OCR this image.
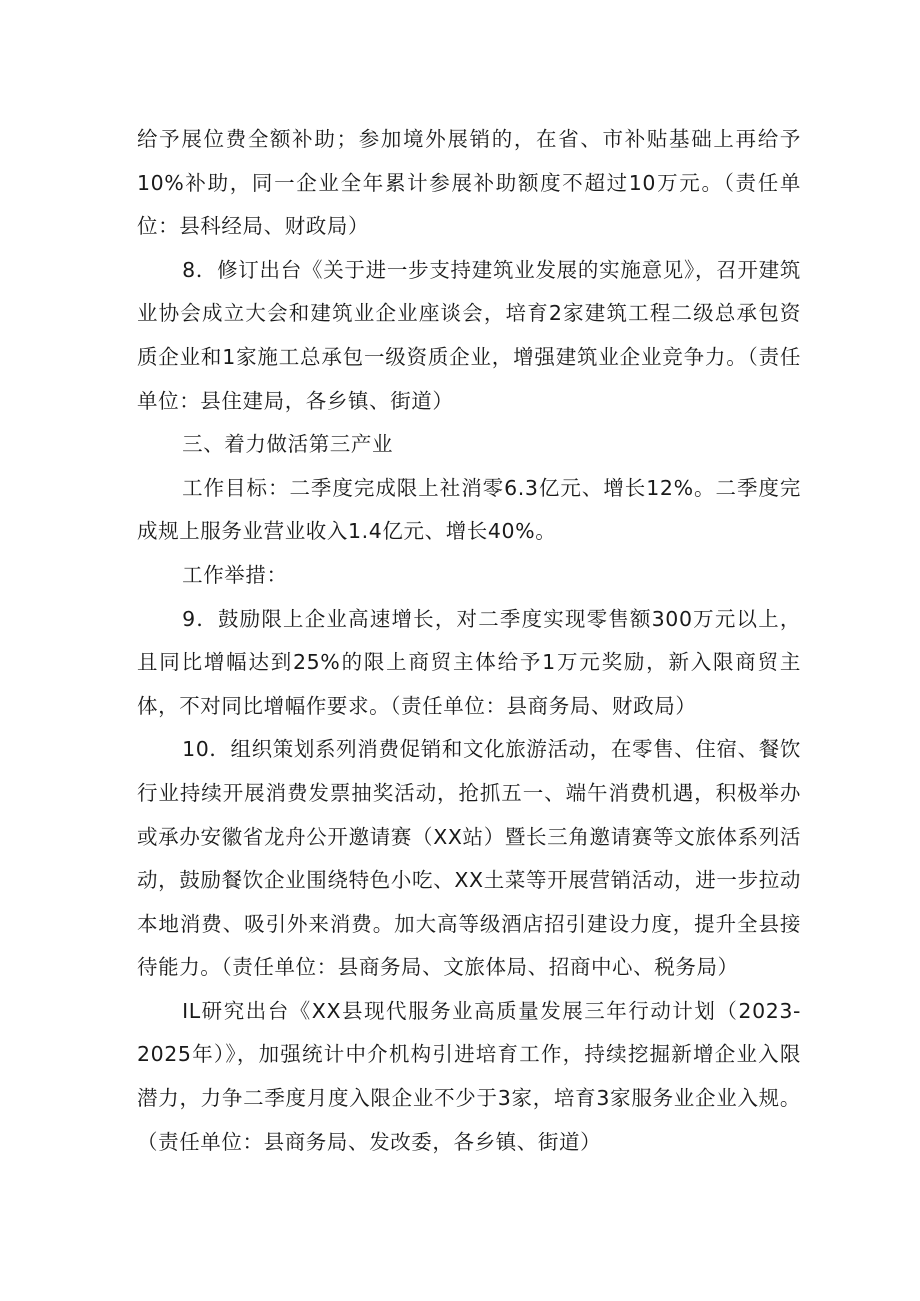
给予展位费全额补助；参加境外展销的，在省、市补贴基础上再给予10%补助，同一企业全年累计参展补助额度不超过10万元。（责任单位：县科经局、财政局）

8．修订出台《关于进一步支持建筑业发展的实施意见》，召开建筑业协会成立大会和建筑业企业座谈会，培育2家建筑工程二级总承包资质企业和1家施工总承包一级资质企业，增强建筑业企业竞争力。（责任单位：县住建局，各乡镇、街道）

三、着力做活第三产业

工作目标：二季度完成限上社消零6.3亿元、增长12%。二季度完成规上服务业营业收入1.4亿元、增长40%。

工作举措：

9．鼓励限上企业高速增长，对二季度实现零售额300万元以上，且同比增幅达到25%的限上商贸主体给予1万元奖励，新入限商贸主体，不对同比增幅作要求。（责任单位：县商务局、财政局）

10．组织策划系列消费促销和文化旅游活动，在零售、住宿、餐饮行业持续开展消费发票抽奖活动，抢抓五一、端午消费机遇，积极举办或承办安徽省龙舟公开邀请赛（XX站）暨长三角邀请赛等文旅体系列活动，鼓励餐饮企业围绕特色小吃、XX土菜等开展营销活动，进一步拉动本地消费、吸引外来消费。加大高等级酒店招引建设力度，提升全县接待能力。（责任单位：县商务局、文旅体局、招商中心、税务局）

IL研究出台《XX县现代服务业高质量发展三年行动计划（2023-2025年）》，加强统计中介机构引进培育工作，持续挖掘新增企业入限潜力，力争二季度月度入限企业不少于3家，培育3家服务业企业入规。（责任单位：县商务局、发改委，各乡镇、街道）
